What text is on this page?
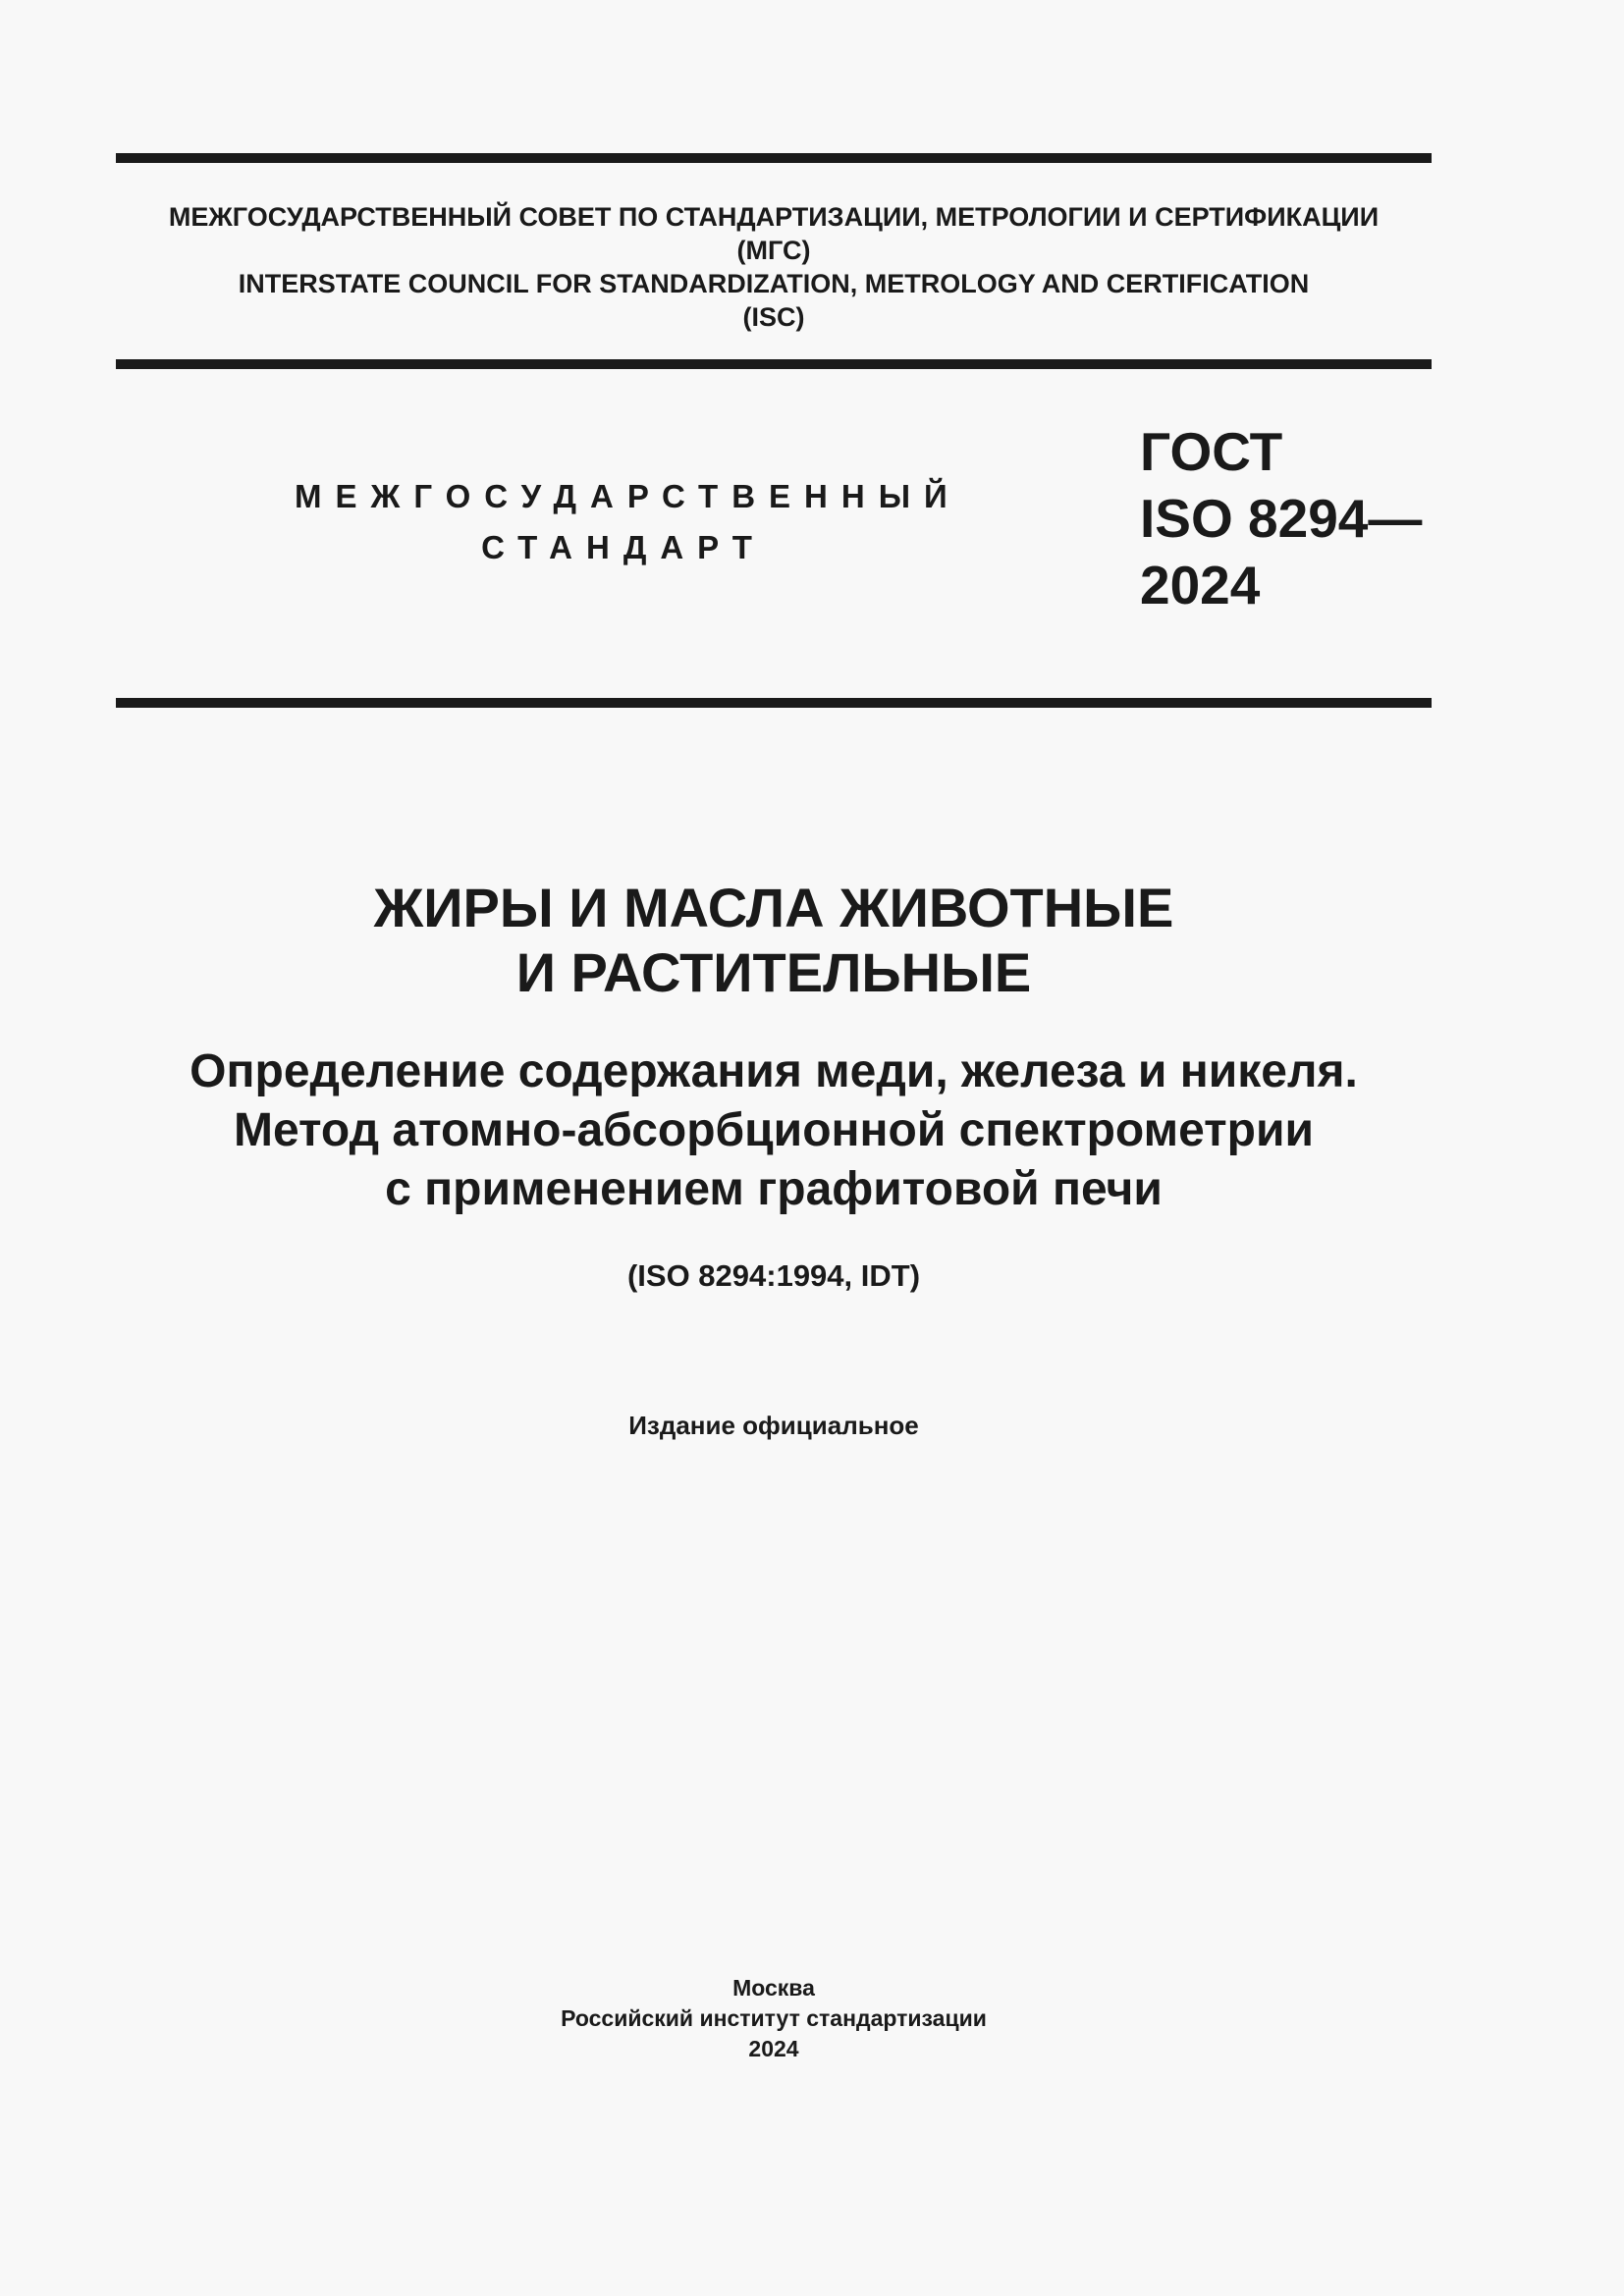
МЕЖГОСУДАРСТВЕННЫЙ СОВЕТ ПО СТАНДАРТИЗАЦИИ, МЕТРОЛОГИИ И СЕРТИФИКАЦИИ
(МГС)
INTERSTATE COUNCIL FOR STANDARDIZATION, METROLOGY AND CERTIFICATION
(ISC)
МЕЖГОСУДАРСТВЕННЫЙ
СТАНДАРТ
ГОСТ
ISO 8294—
2024
ЖИРЫ И МАСЛА ЖИВОТНЫЕ
И РАСТИТЕЛЬНЫЕ
Определение содержания меди, железа и никеля.
Метод атомно-абсорбционной спектрометрии
с применением графитовой печи
(ISO 8294:1994, IDT)
Издание официальное
Москва
Российский институт стандартизации
2024
